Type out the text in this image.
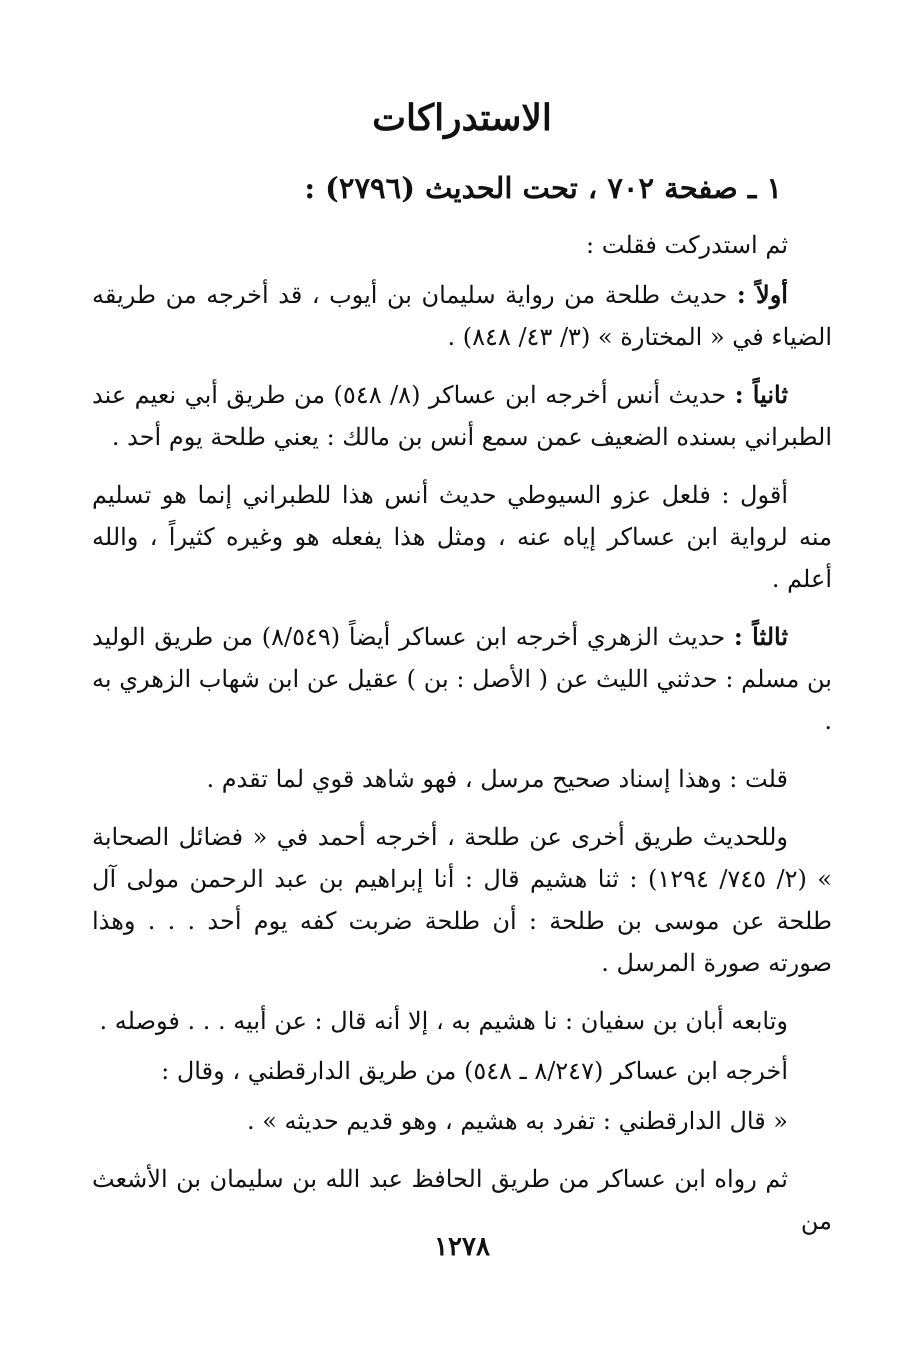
الاستدراكات
١ ـ صفحة ٧٠٢ ، تحت الحديث (٢٧٩٦) :

ثم استدركت فقلت :

أولاً : حديث طلحة من رواية سليمان بن أيوب ، قد أخرجه من طريقه الضياء في « المختارة » (٣/ ٤٣/ ٨٤٨) .

ثانياً : حديث أنس أخرجه ابن عساكر (٨/ ٥٤٨) من طريق أبي نعيم عند الطبراني بسنده الضعيف عمن سمع أنس بن مالك : يعني طلحة يوم أحد .

أقول : فلعل عزو السيوطي حديث أنس هذا للطبراني إنما هو تسليم منه لرواية ابن عساكر إياه عنه ، ومثل هذا يفعله هو وغيره كثيراً ، والله أعلم .

ثالثاً : حديث الزهري أخرجه ابن عساكر أيضاً (٨/٥٤٩) من طريق الوليد بن مسلم : حدثني الليث عن ( الأصل : بن ) عقيل عن ابن شهاب الزهري به .

قلت : وهذا إسناد صحيح مرسل ، فهو شاهد قوي لما تقدم .

وللحديث طريق أخرى عن طلحة ، أخرجه أحمد في « فضائل الصحابة » (٢/ ٧٤٥/ ١٢٩٤) : ثنا هشيم قال : أنا إبراهيم بن عبد الرحمن مولى آل طلحة عن موسى بن طلحة : أن طلحة ضربت كفه يوم أحد . . . وهذا صورته صورة المرسل .

وتابعه أبان بن سفيان : نا هشيم به ، إلا أنه قال : عن أبيه . . . فوصله .

أخرجه ابن عساكر (٨/٢٤٧ ـ ٥٤٨) من طريق الدارقطني ، وقال :

« قال الدارقطني : تفرد به هشيم ، وهو قديم حديثه » .

ثم رواه ابن عساكر من طريق الحافظ عبد الله بن سليمان بن الأشعث من

١٢٧٨
